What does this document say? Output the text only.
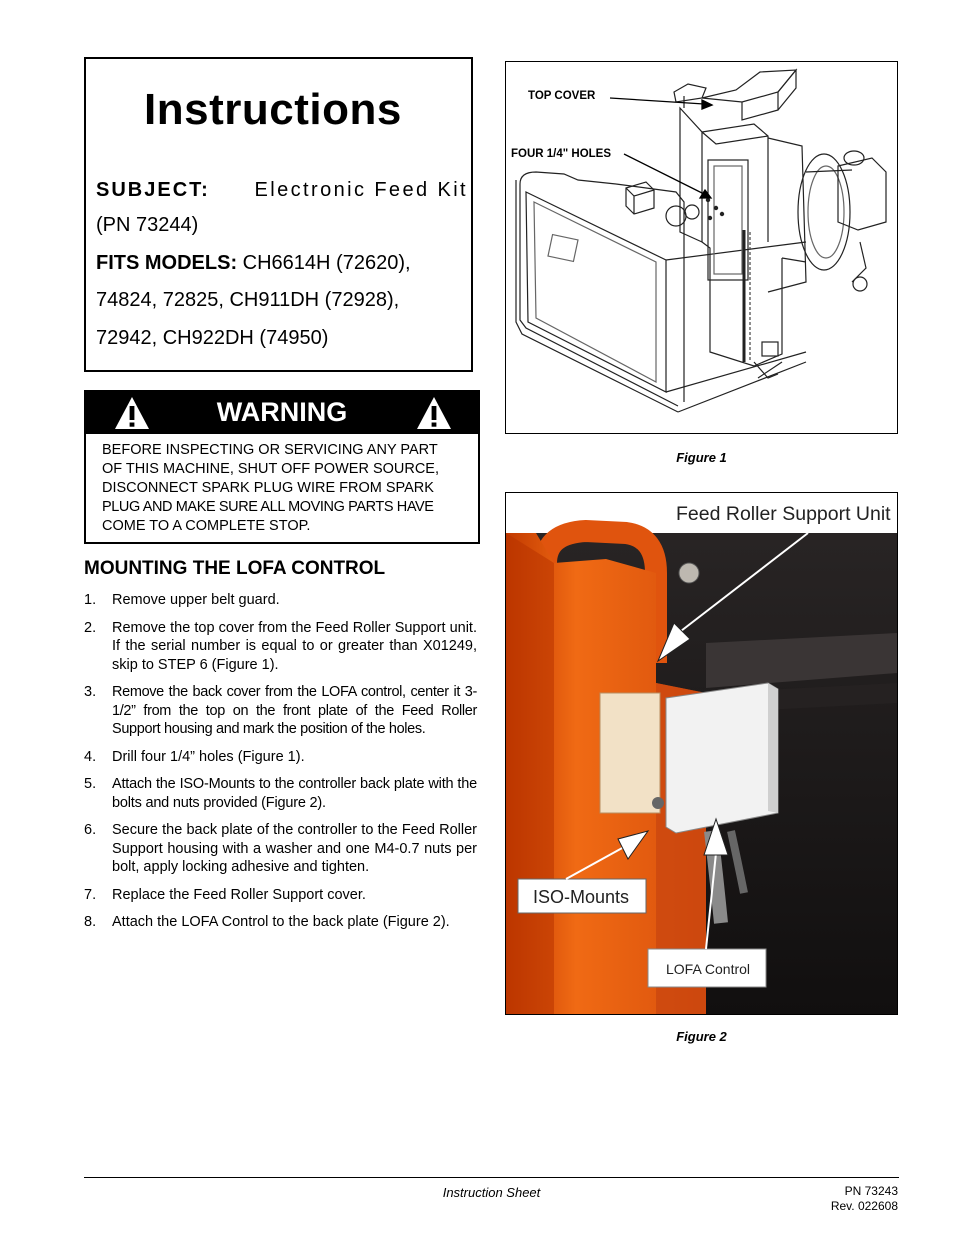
Instructions
SUBJECT: Electronic Feed Kit
(PN 73244)
FITS MODELS: CH6614H (72620),
74824, 72825, CH911DH (72928),
72942, CH922DH (74950)
WARNING
BEFORE INSPECTING OR SERVICING ANY PART
OF THIS MACHINE, SHUT OFF POWER SOURCE,
DISCONNECT SPARK PLUG WIRE FROM SPARK
PLUG AND MAKE SURE ALL MOVING PARTS HAVE
COME TO A COMPLETE STOP.
MOUNTING THE LOFA CONTROL
1. Remove upper belt guard.
2. Remove the top cover from the Feed Roller Support unit. If the serial number is equal to or greater than X01249, skip to STEP 6 (Figure 1).
3. Remove the back cover from the LOFA control, center it 3-1/2” from the top on the front plate of the Feed Roller Support housing and mark the position of the holes.
4. Drill four 1/4” holes (Figure 1).
5. Attach the ISO-Mounts to the controller back plate with the bolts and nuts provided (Figure 2).
6. Secure the back plate of the controller to the Feed Roller Support housing with a washer and one M4-0.7 nuts per bolt, apply locking adhesive and tighten.
7. Replace the Feed Roller Support cover.
8. Attach the LOFA Control to the back plate (Figure 2).
TOP COVER
FOUR 1/4" HOLES
Figure 1
Feed Roller Support Unit
ISO-Mounts
LOFA Control
Figure 2
Instruction Sheet	PN 73243
Rev. 022608
